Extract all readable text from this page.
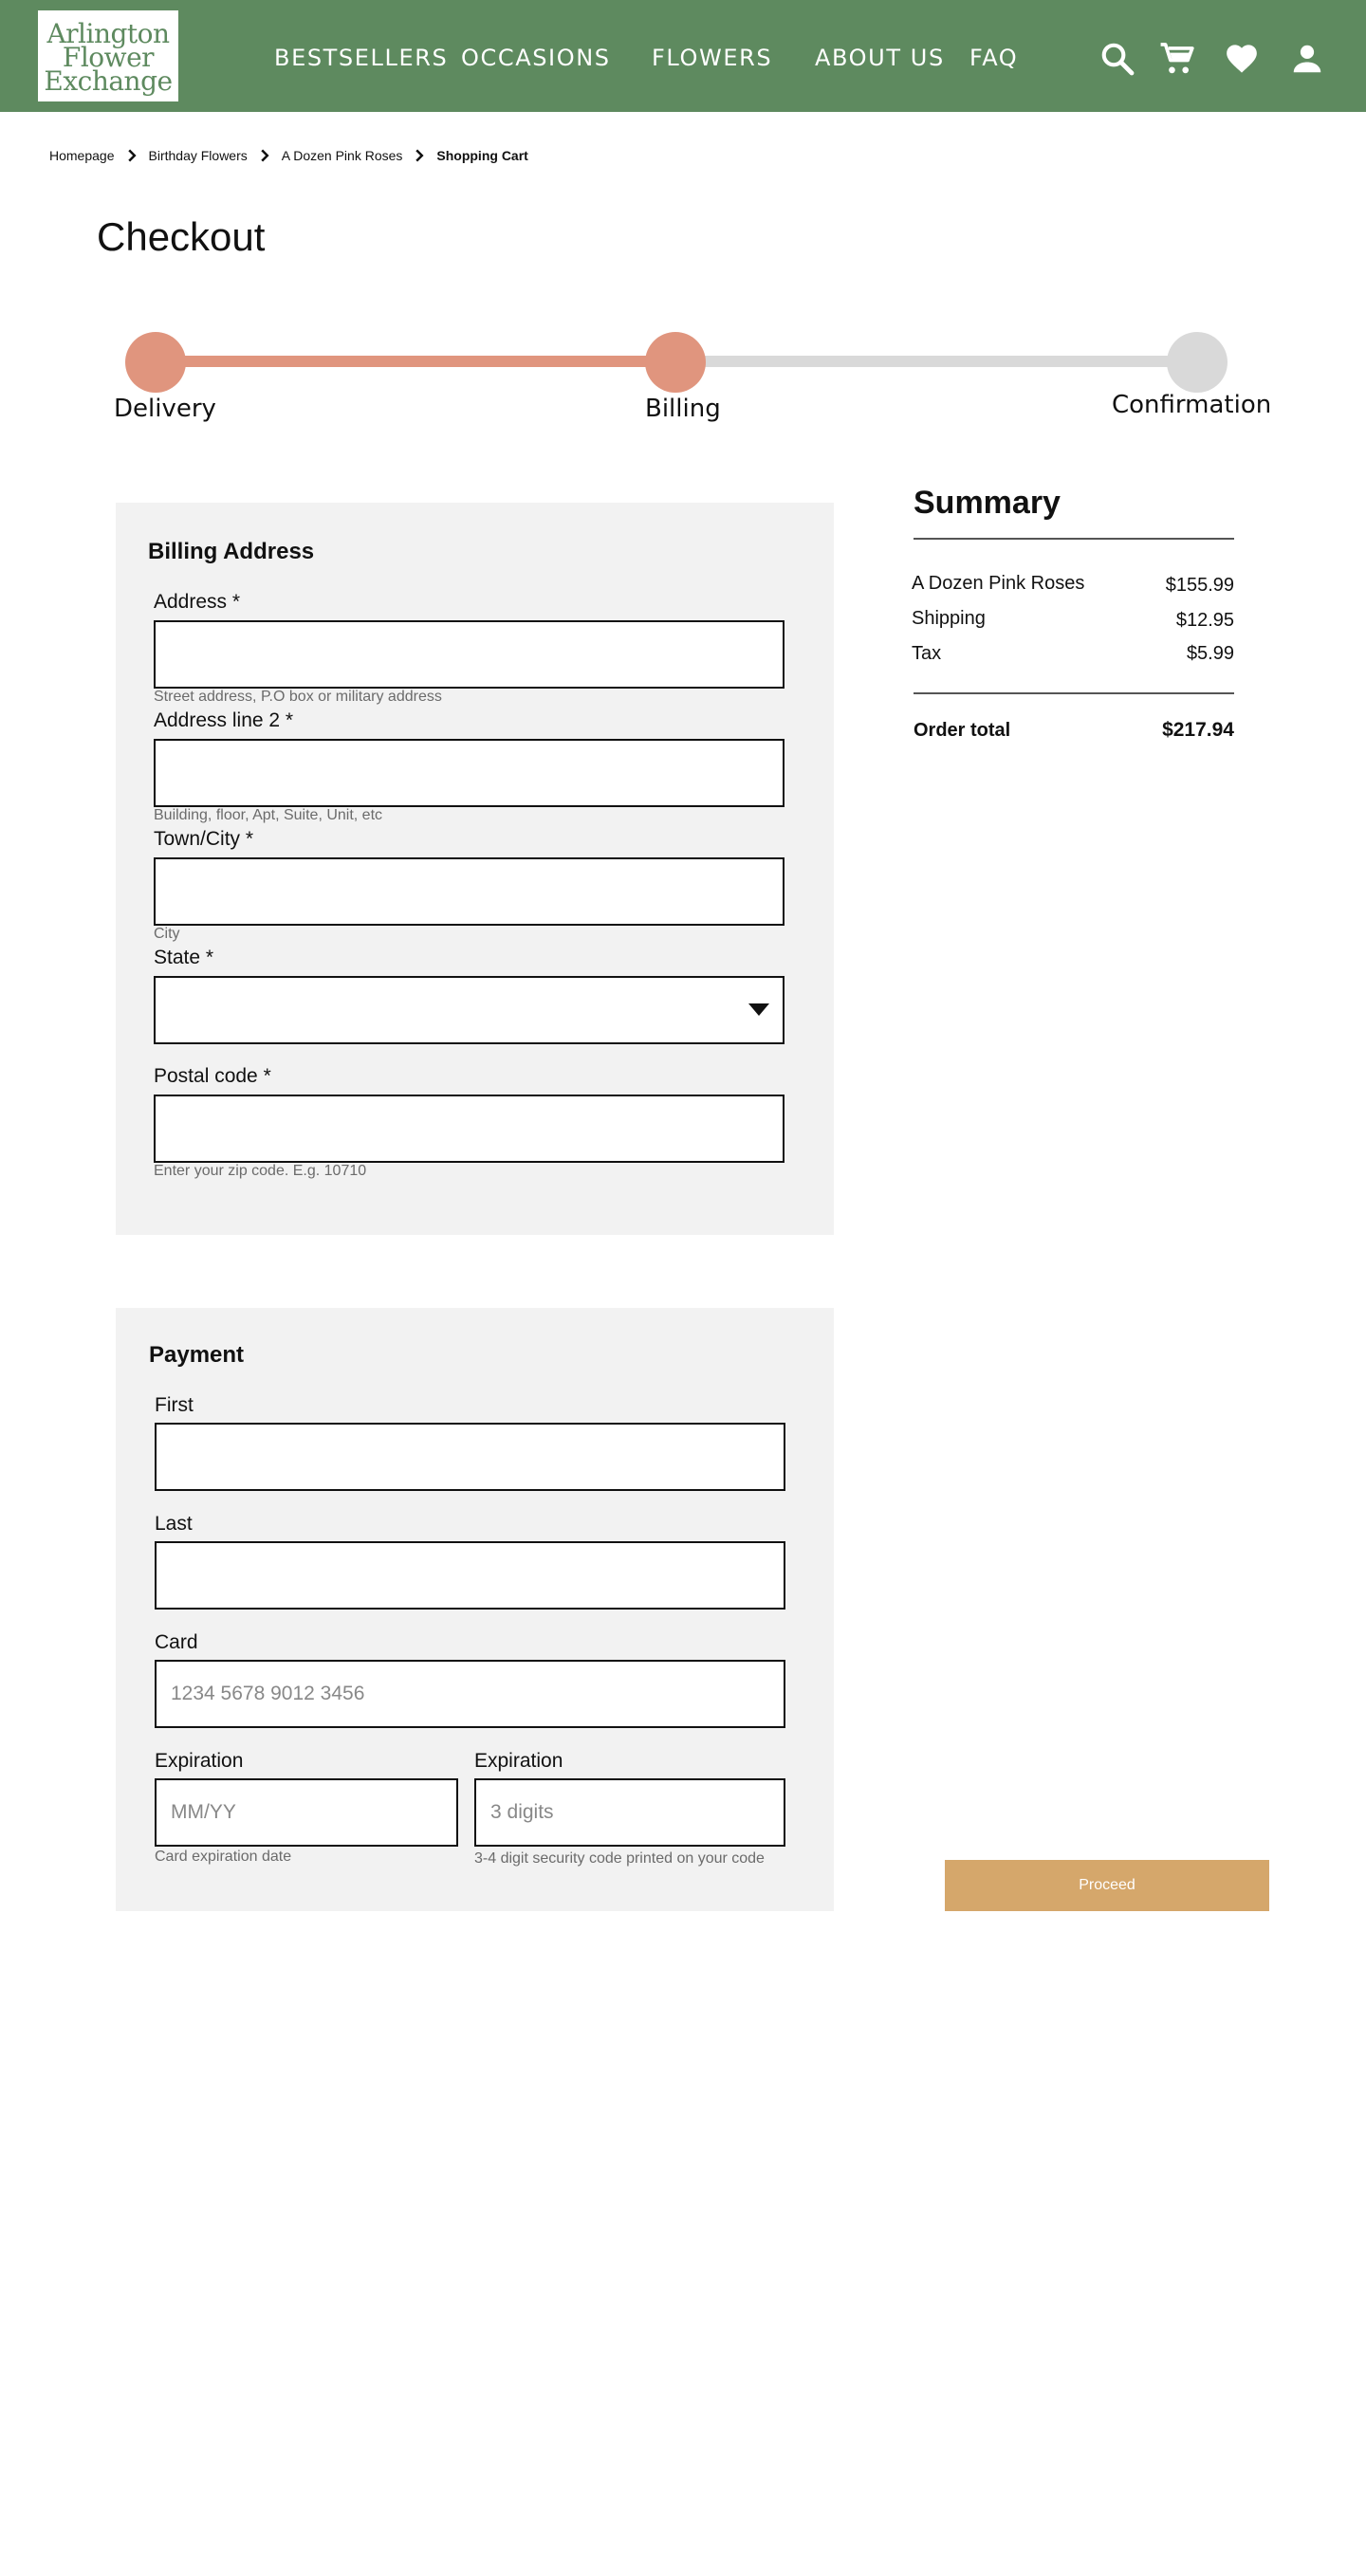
Arlington
Flower
Exchange
BESTSELLERS OCCASIONS FLOWERS ABOUT US FAQ
Homepage	Birthday Flowers	A Dozen Pink Roses	Shopping Cart
Checkout
Delivery	Billing	Confirmation
Billing Address
Address *
Street address, P.O box or military address
Address line 2 *
Building, floor, Apt, Suite, Unit, etc
Town/City *
City
State *
Postal code *
Enter your zip code. E.g. 10710
Payment
First
Last
Card
1234 5678 9012 3456
Expiration
MM/YY
Card expiration date
Expiration
3 digits
3-4 digit security code printed on your code
Summary
A Dozen Pink Roses	$155.99
Shipping	$12.95
Tax	$5.99
Order total	$217.94
Proceed
